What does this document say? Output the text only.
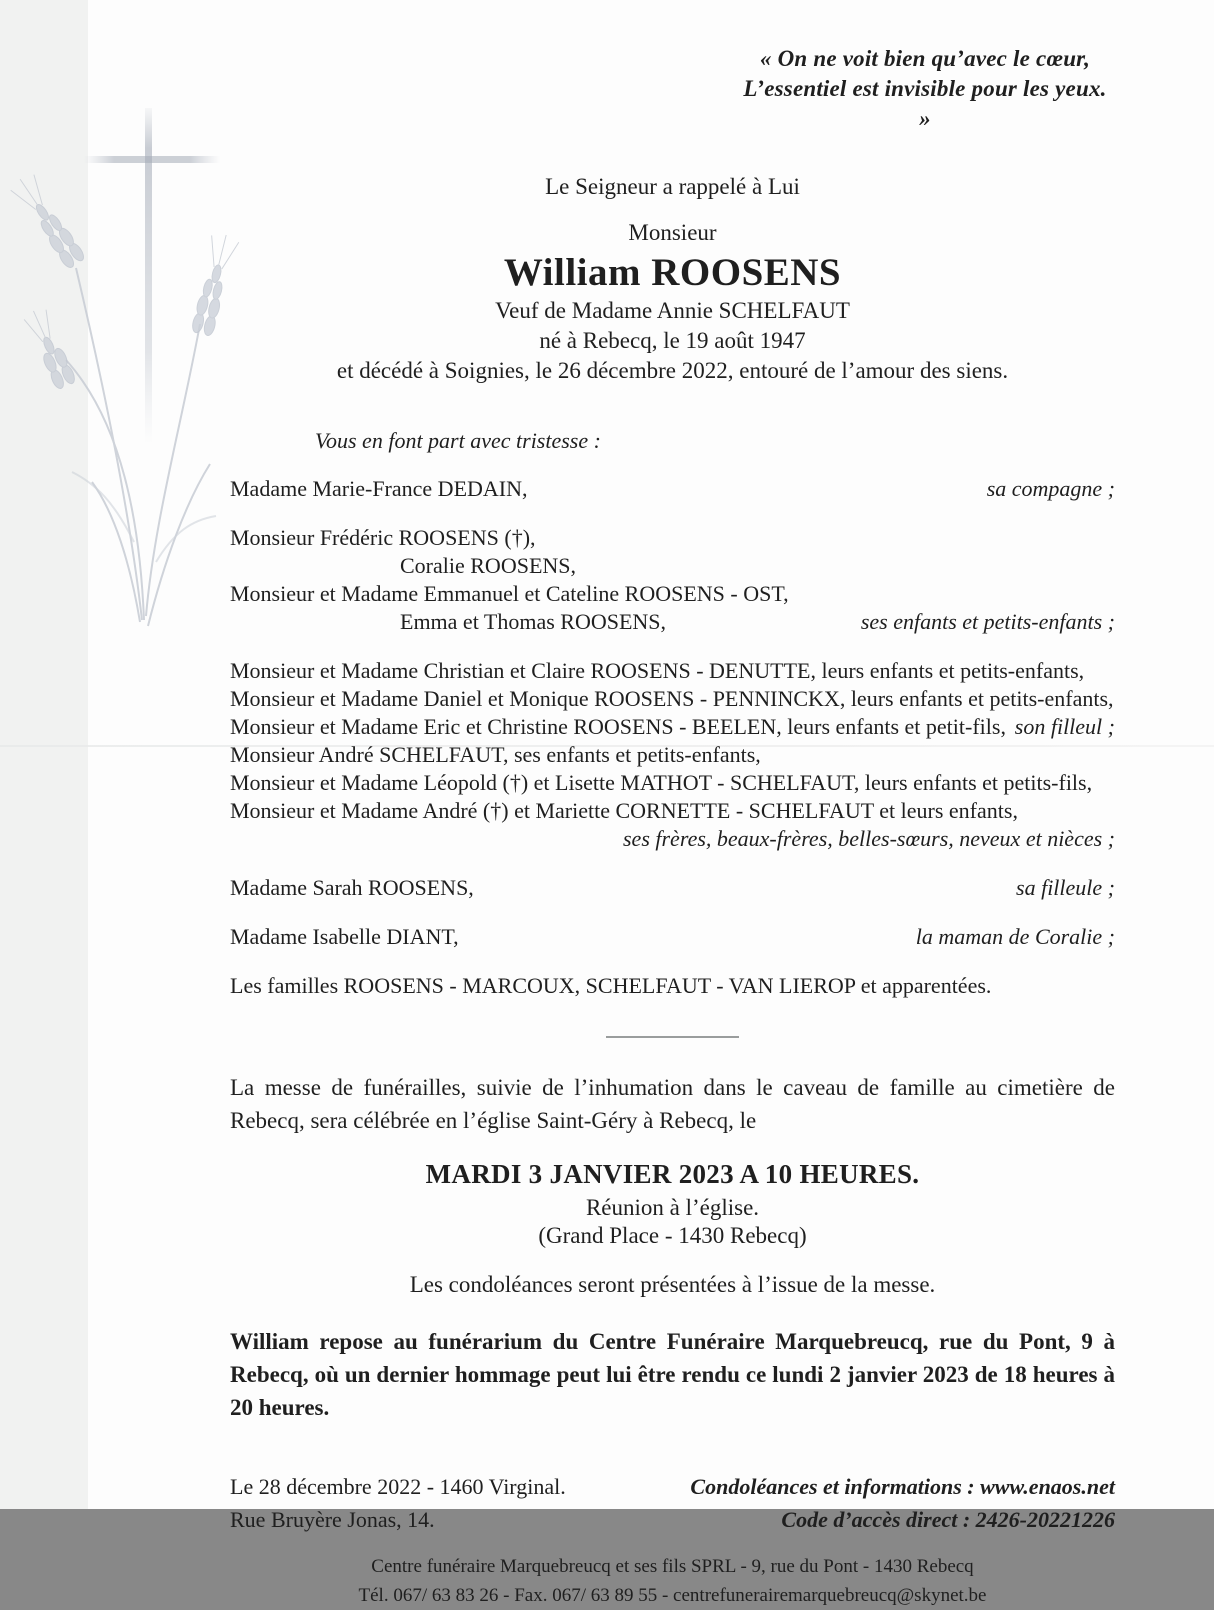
« On ne voit bien qu’avec le cœur,
L’essentiel est invisible pour les yeux. »
Le Seigneur a rappelé à Lui
Monsieur
William ROOSENS
Veuf de Madame Annie SCHELFAUT
né à Rebecq, le 19 août 1947
et décédé à Soignies, le 26 décembre 2022, entouré de l’amour des siens.
Vous en font part avec tristesse :
Madame Marie-France DEDAIN,	sa compagne ;
Monsieur Frédéric ROOSENS (†),
Coralie ROOSENS,
Monsieur et Madame Emmanuel et Cateline ROOSENS - OST,
Emma et Thomas ROOSENS,	ses enfants et petits-enfants ;
Monsieur et Madame Christian et Claire ROOSENS - DENUTTE, leurs enfants et petits-enfants,
Monsieur et Madame Daniel et Monique ROOSENS - PENNINCKX, leurs enfants et petits-enfants,
Monsieur et Madame Eric et Christine ROOSENS - BEELEN, leurs enfants et petit-fils, son filleul ;
Monsieur André SCHELFAUT, ses enfants et petits-enfants,
Monsieur et Madame Léopold (†) et Lisette MATHOT - SCHELFAUT, leurs enfants et petits-fils,
Monsieur et Madame André (†) et Mariette CORNETTE - SCHELFAUT et leurs enfants,
ses frères, beaux-frères, belles-sœurs, neveux et nièces ;
Madame Sarah ROOSENS,	sa filleule ;
Madame Isabelle DIANT,	la maman de Coralie ;
Les familles ROOSENS - MARCOUX, SCHELFAUT - VAN LIEROP et apparentées.
La messe de funérailles, suivie de l’inhumation dans le caveau de famille au cimetière de Rebecq, sera célébrée en l’église Saint-Géry à Rebecq, le
MARDI 3 JANVIER 2023 A 10 HEURES.
Réunion à l’église.
(Grand Place - 1430 Rebecq)
Les condoléances seront présentées à l’issue de la messe.
William repose au funérarium du Centre Funéraire Marquebreucq, rue du Pont, 9 à Rebecq, où un dernier hommage peut lui être rendu ce lundi 2 janvier 2023 de 18 heures à 20 heures.
Le 28 décembre 2022 - 1460 Virginal.
Rue Bruyère Jonas, 14.
Condoléances et informations : www.enaos.net
Code d’accès direct : 2426-20221226
Centre funéraire Marquebreucq et ses fils SPRL - 9, rue du Pont - 1430 Rebecq
Tél. 067/ 63 83 26 - Fax. 067/ 63 89 55 - centrefunerairemarquebreucq@skynet.be
